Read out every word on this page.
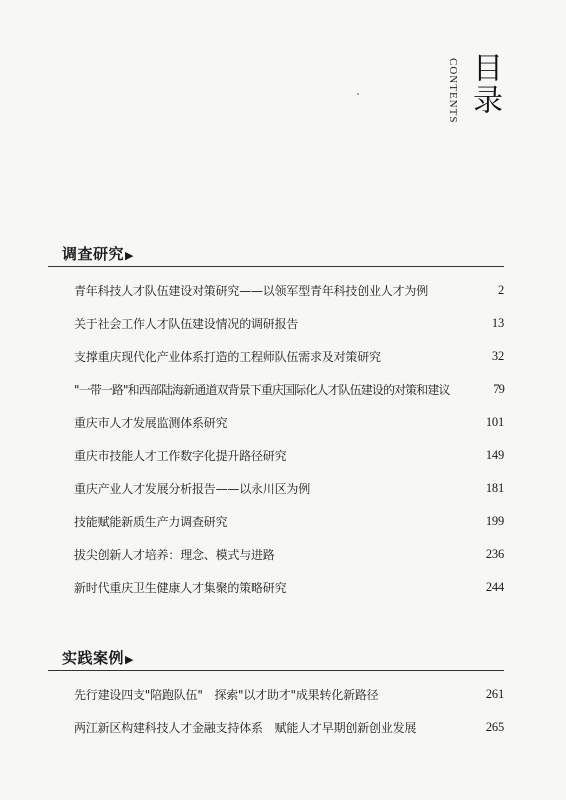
目录
CONTENTS
调查研究 ▶
青年科技人才队伍建设对策研究——以领军型青年科技创业人才为例	2
关于社会工作人才队伍建设情况的调研报告	13
支撑重庆现代化产业体系打造的工程师队伍需求及对策研究	32
"一带一路"和西部陆海新通道双背景下重庆国际化人才队伍建设的对策和建议	79
重庆市人才发展监测体系研究	101
重庆市技能人才工作数字化提升路径研究	149
重庆产业人才发展分析报告——以永川区为例	181
技能赋能新质生产力调查研究	199
拔尖创新人才培养：理念、模式与进路	236
新时代重庆卫生健康人才集聚的策略研究	244
实践案例 ▶
先行建设四支"陪跑队伍"　探索"以才助才"成果转化新路径	261
两江新区构建科技人才金融支持体系　赋能人才早期创新创业发展	265
